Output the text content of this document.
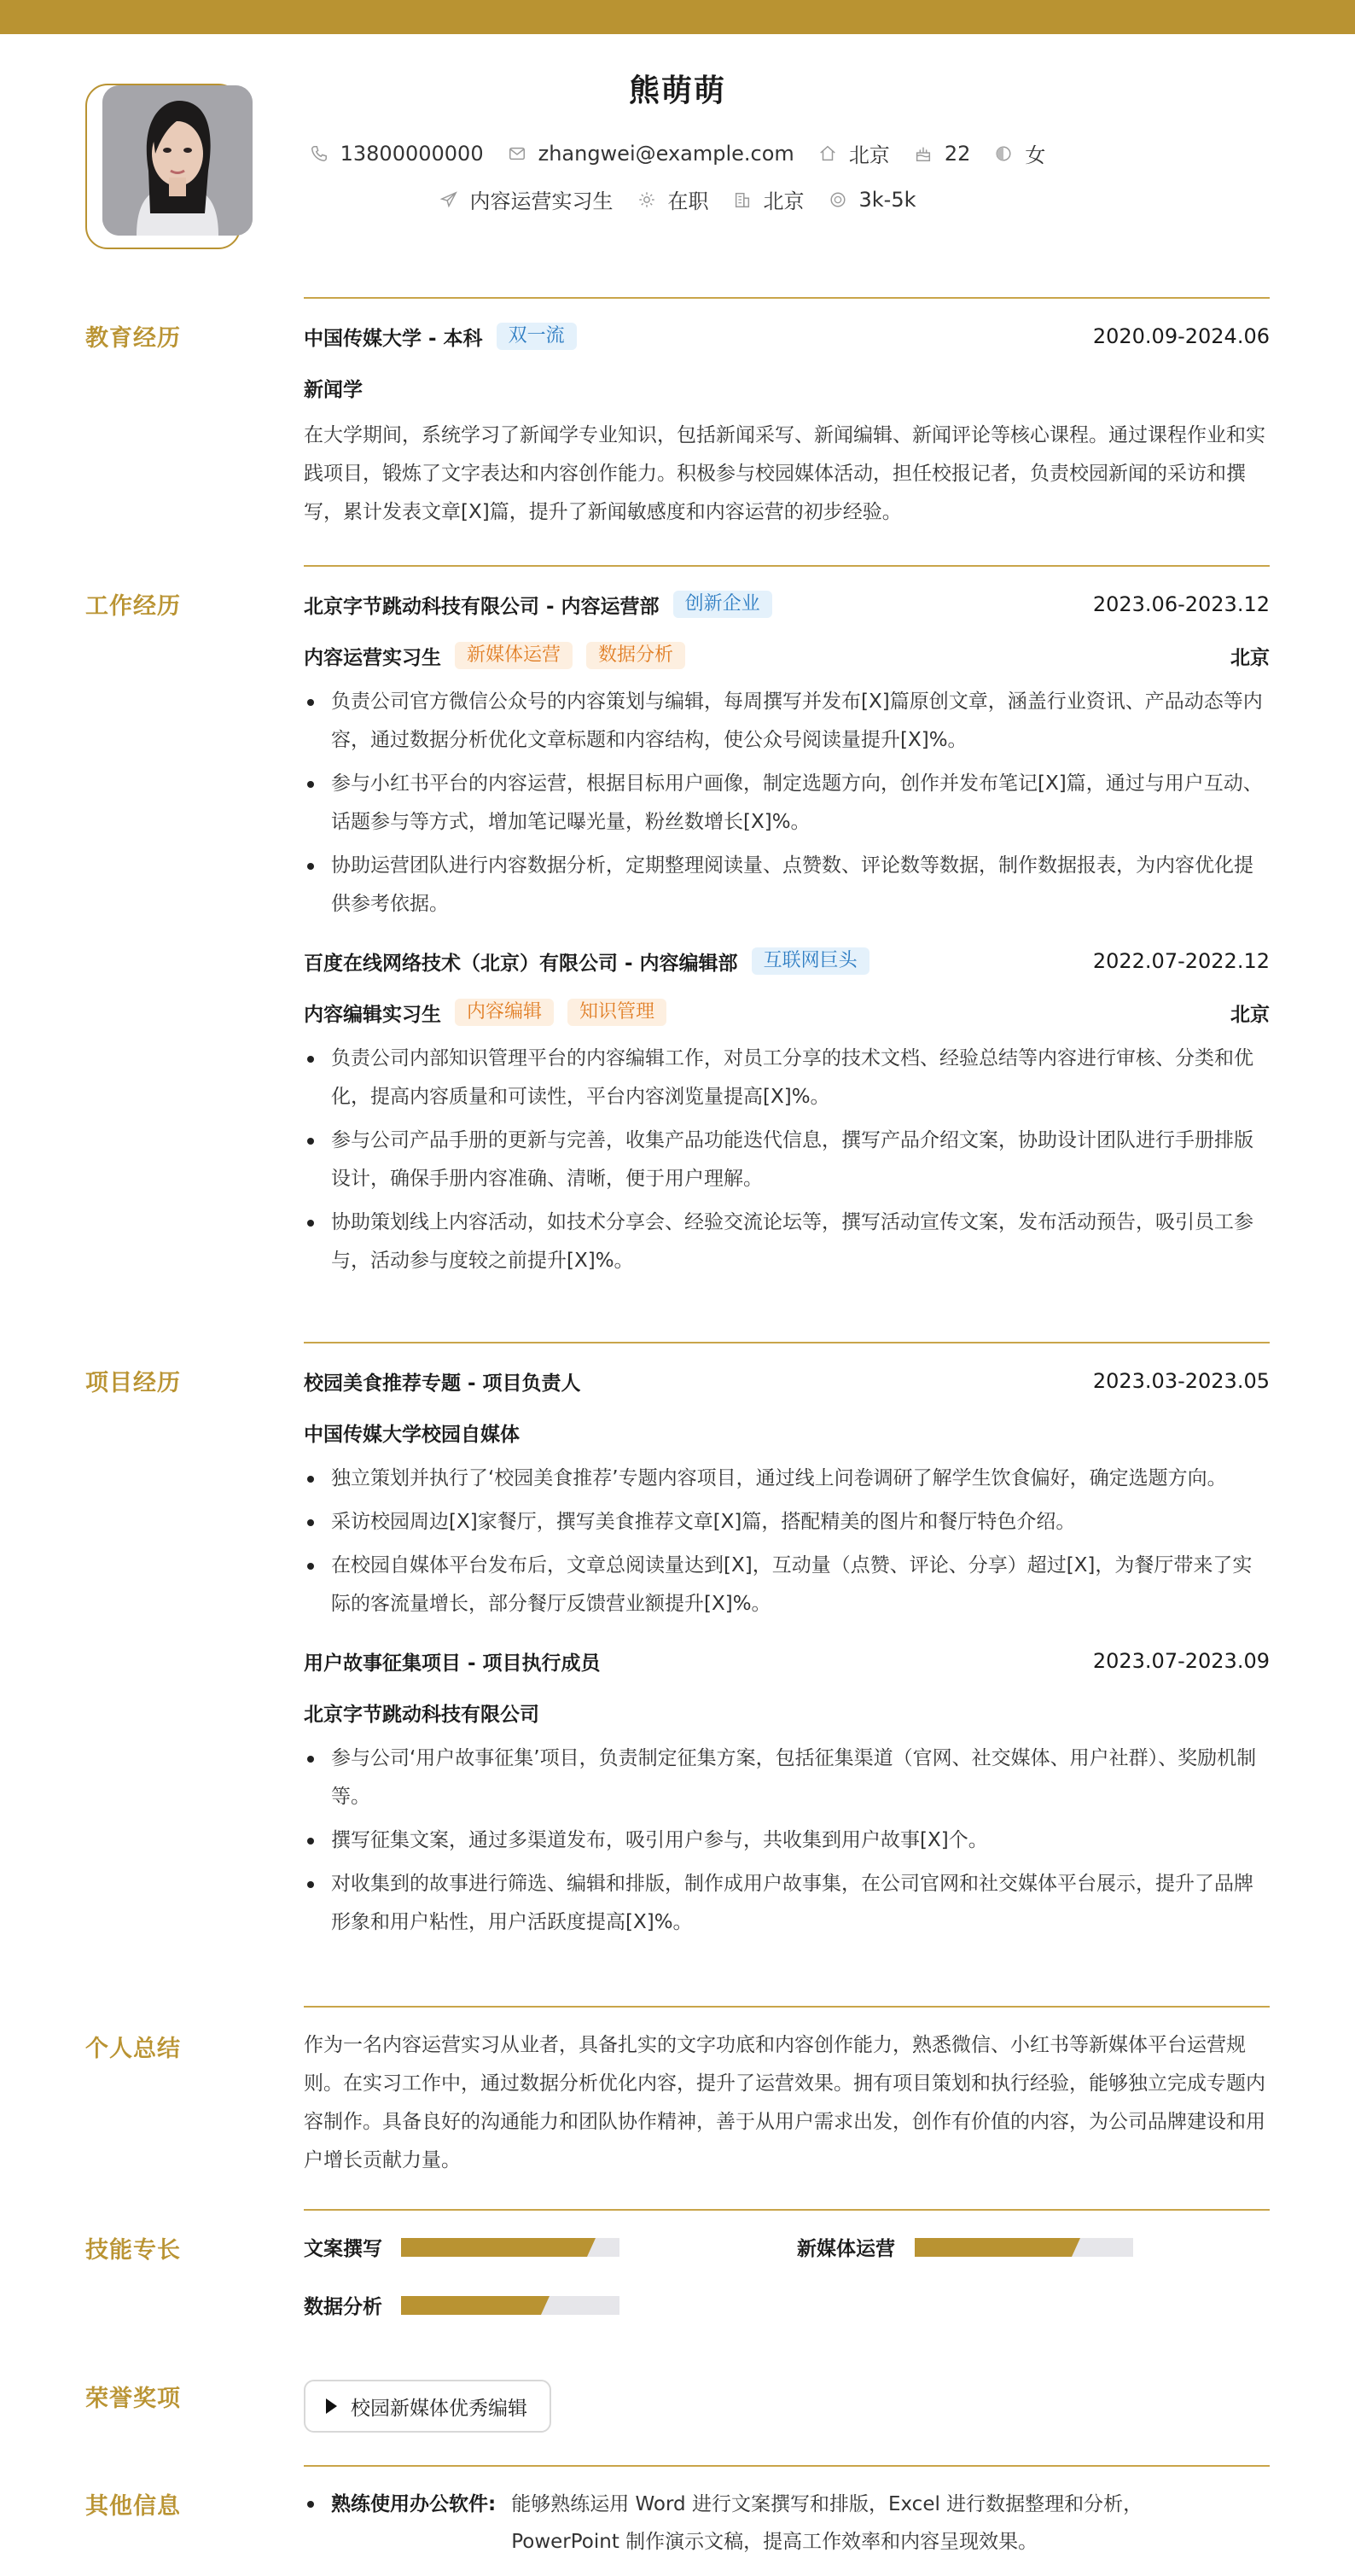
熊萌萌
13800000000	zhangwei@example.com	北京	22	女
内容运营实习生	在职	北京	3k-5k
教育经历	中国传媒大学 - 本科	双一流	2020.09-2024.06
新闻学
在大学期间，系统学习了新闻学专业知识，包括新闻采写、新闻编辑、新闻评论等核心课程。通过课程作业和实践项目，锻炼了文字表达和内容创作能力。积极参与校园媒体活动，担任校报记者，负责校园新闻的采访和撰写，累计发表文章[X]篇，提升了新闻敏感度和内容运营的初步经验。
工作经历	北京字节跳动科技有限公司 - 内容运营部	创新企业	2023.06-2023.12
内容运营实习生	新媒体运营	数据分析	北京
负责公司官方微信公众号的内容策划与编辑，每周撰写并发布[X]篇原创文章，涵盖行业资讯、产品动态等内容，通过数据分析优化文章标题和内容结构，使公众号阅读量提升[X]%。
参与小红书平台的内容运营，根据目标用户画像，制定选题方向，创作并发布笔记[X]篇，通过与用户互动、话题参与等方式，增加笔记曝光量，粉丝数增长[X]%。
协助运营团队进行内容数据分析，定期整理阅读量、点赞数、评论数等数据，制作数据报表，为内容优化提供参考依据。
百度在线网络技术（北京）有限公司 - 内容编辑部	互联网巨头	2022.07-2022.12
内容编辑实习生	内容编辑	知识管理	北京
负责公司内部知识管理平台的内容编辑工作，对员工分享的技术文档、经验总结等内容进行审核、分类和优化，提高内容质量和可读性，平台内容浏览量提高[X]%。
参与公司产品手册的更新与完善，收集产品功能迭代信息，撰写产品介绍文案，协助设计团队进行手册排版设计，确保手册内容准确、清晰，便于用户理解。
协助策划线上内容活动，如技术分享会、经验交流论坛等，撰写活动宣传文案，发布活动预告，吸引员工参与，活动参与度较之前提升[X]%。
项目经历	校园美食推荐专题 - 项目负责人	2023.03-2023.05
中国传媒大学校园自媒体
独立策划并执行了‘校园美食推荐’专题内容项目，通过线上问卷调研了解学生饮食偏好，确定选题方向。
采访校园周边[X]家餐厅，撰写美食推荐文章[X]篇，搭配精美的图片和餐厅特色介绍。
在校园自媒体平台发布后，文章总阅读量达到[X]，互动量（点赞、评论、分享）超过[X]，为餐厅带来了实际的客流量增长，部分餐厅反馈营业额提升[X]%。
用户故事征集项目 - 项目执行成员	2023.07-2023.09
北京字节跳动科技有限公司
参与公司‘用户故事征集’项目，负责制定征集方案，包括征集渠道（官网、社交媒体、用户社群）、奖励机制等。
撰写征集文案，通过多渠道发布，吸引用户参与，共收集到用户故事[X]个。
对收集到的故事进行筛选、编辑和排版，制作成用户故事集，在公司官网和社交媒体平台展示，提升了品牌形象和用户粘性，用户活跃度提高[X]%。
个人总结	作为一名内容运营实习从业者，具备扎实的文字功底和内容创作能力，熟悉微信、小红书等新媒体平台运营规则。在实习工作中，通过数据分析优化内容，提升了运营效果。拥有项目策划和执行经验，能够独立完成专题内容制作。具备良好的沟通能力和团队协作精神，善于从用户需求出发，创作有价值的内容，为公司品牌建设和用户增长贡献力量。
技能专长	文案撰写	新媒体运营
数据分析
荣誉奖项	校园新媒体优秀编辑
其他信息	熟练使用办公软件: 能够熟练运用 Word 进行文案撰写和排版，Excel 进行数据整理和分析，PowerPoint 制作演示文稿，提高工作效率和内容呈现效果。
